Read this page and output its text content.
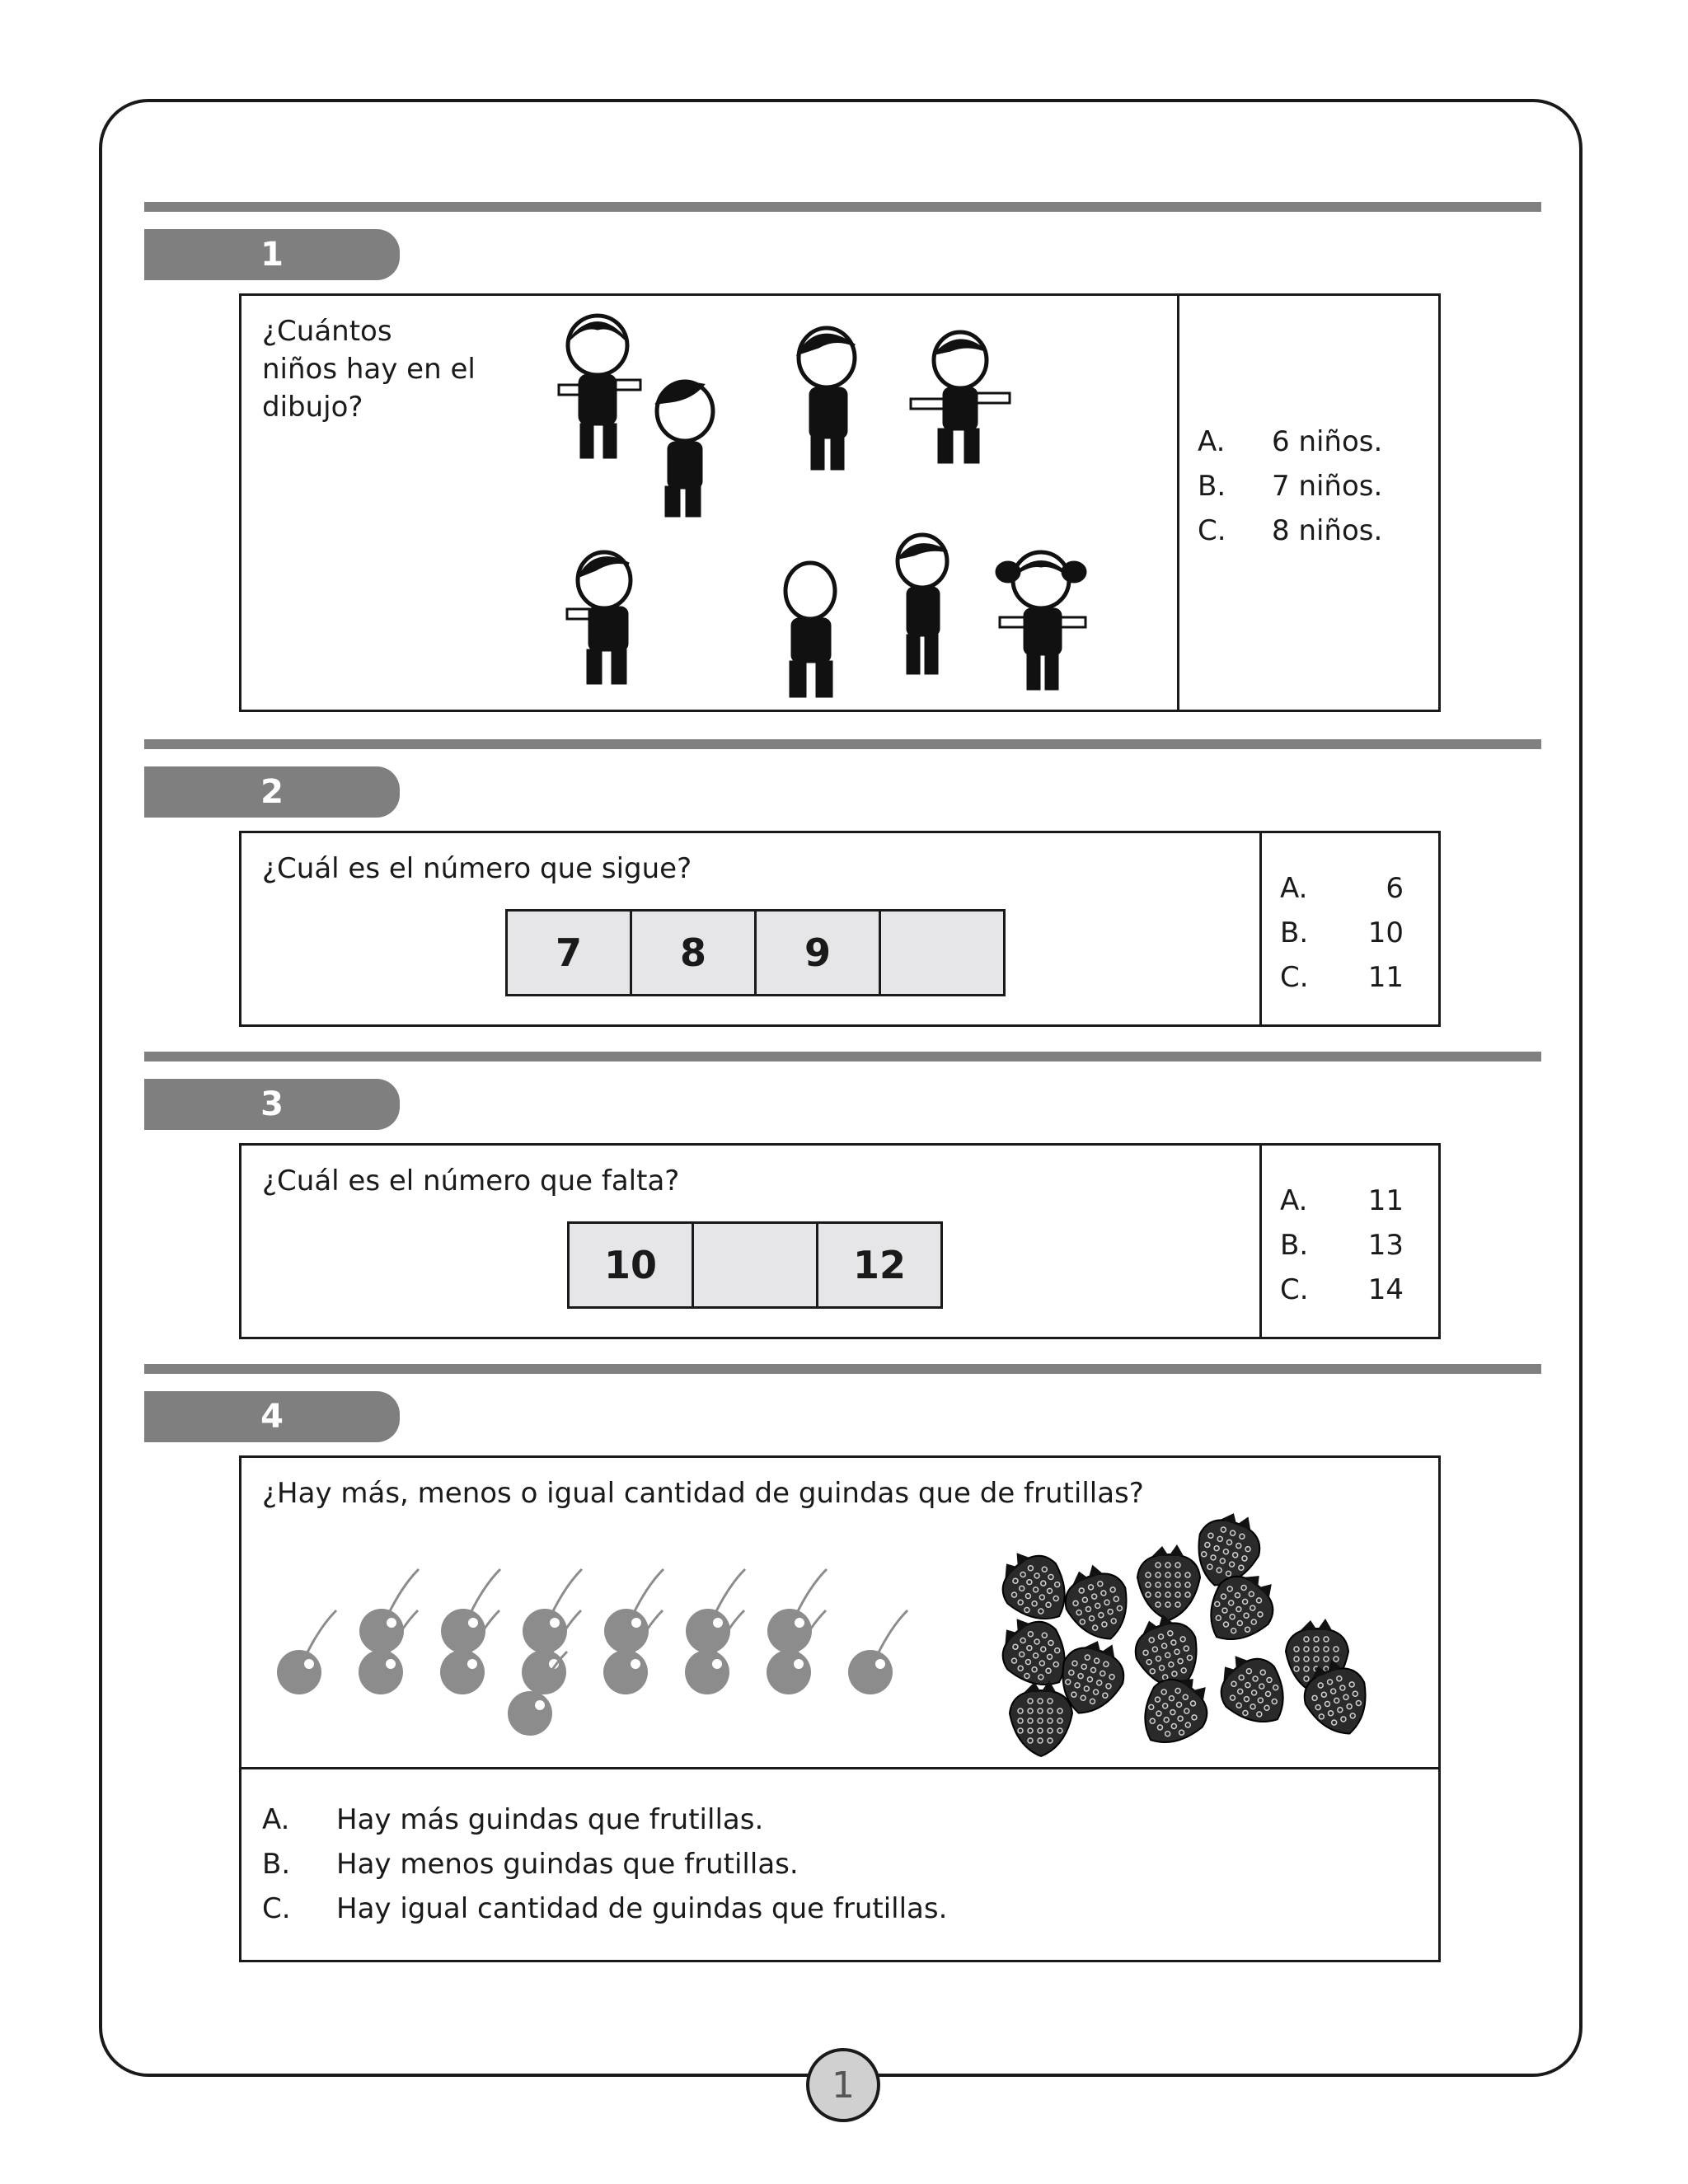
1
¿Cuántos
niños hay en el
dibujo?
A.	6 niños.
B.	7 niños.
C.	8 niños.
2
¿Cuál es el número que sigue?
7	8	9
A.	6
B.	10
C.	11
3
¿Cuál es el número que falta?
10	12
A.	11
B.	13
C.	14
4
¿Hay más, menos o igual cantidad de guindas que de frutillas?
A.	Hay más guindas que frutillas.
B.	Hay menos guindas que frutillas.
C.	Hay igual cantidad de guindas que frutillas.
1
